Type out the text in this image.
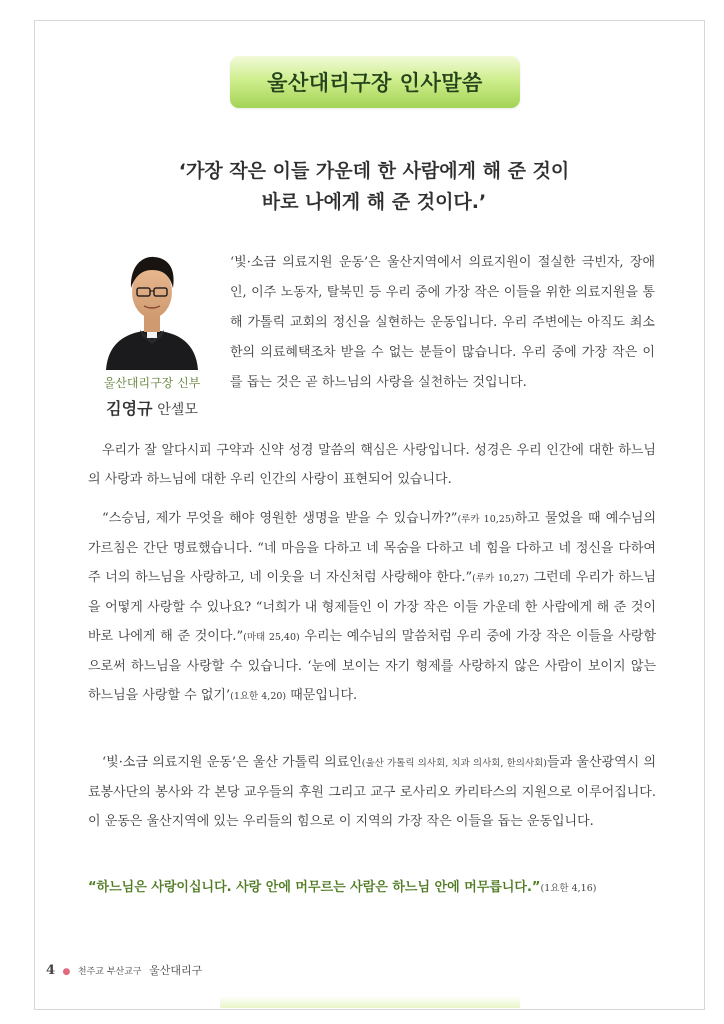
울산대리구장 인사말씀
‘가장 작은 이들 가운데 한 사람에게 해 준 것이
바로 나에게 해 준 것이다.’
울산대리구장 신부
김영규 안셀모
‘빛·소금 의료지원 운동’은 울산지역에서 의료지원이 절실한 극빈자, 장애인, 이주 노동자, 탈북민 등 우리 중에 가장 작은 이들을 위한 의료지원을 통해 가톨릭 교회의 정신을 실현하는 운동입니다. 우리 주변에는 아직도 최소한의 의료혜택조차 받을 수 없는 분들이 많습니다. 우리 중에 가장 작은 이를 돕는 것은 곧 하느님의 사랑을 실천하는 것입니다.
우리가 잘 알다시피 구약과 신약 성경 말씀의 핵심은 사랑입니다. 성경은 우리 인간에 대한 하느님의 사랑과 하느님에 대한 우리 인간의 사랑이 표현되어 있습니다.
“스승님, 제가 무엇을 해야 영원한 생명을 받을 수 있습니까?”(루카 10,25)하고 물었을 때 예수님의 가르침은 간단 명료했습니다. “네 마음을 다하고 네 목숨을 다하고 네 힘을 다하고 네 정신을 다하여 주 너의 하느님을 사랑하고, 네 이웃을 너 자신처럼 사랑해야 한다.”(루카 10,27) 그런데 우리가 하느님을 어떻게 사랑할 수 있나요? “너희가 내 형제들인 이 가장 작은 이들 가운데 한 사람에게 해 준 것이 바로 나에게 해 준 것이다.”(마태 25,40) 우리는 예수님의 말씀처럼 우리 중에 가장 작은 이들을 사랑함으로써 하느님을 사랑할 수 있습니다. ‘눈에 보이는 자기 형제를 사랑하지 않은 사람이 보이지 않는 하느님을 사랑할 수 없기’(1요한 4,20) 때문입니다.
‘빛·소금 의료지원 운동’은 울산 가톨릭 의료인(울산 가톨릭 의사회, 치과 의사회, 한의사회)들과 울산광역시 의료봉사단의 봉사와 각 본당 교우들의 후원 그리고 교구 로사리오 카리타스의 지원으로 이루어집니다. 이 운동은 울산지역에 있는 우리들의 힘으로 이 지역의 가장 작은 이들을 돕는 운동입니다.
“하느님은 사랑이십니다. 사랑 안에 머무르는 사람은 하느님 안에 머무릅니다.”(1요한 4,16)
4 ● 천주교 부산교구 울산대리구
